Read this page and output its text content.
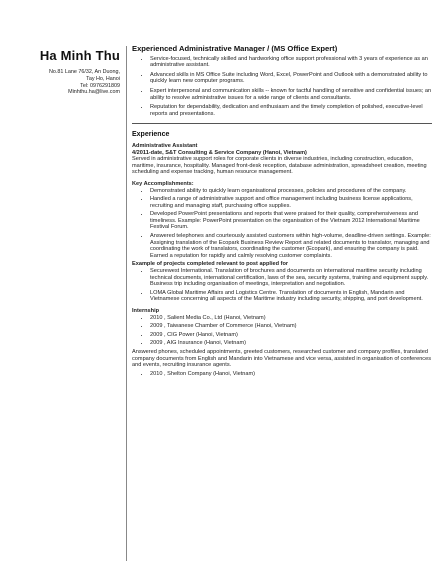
Ha Minh Thu
No.81 Lane 76/32, An Duong,
Tay Ho, Hanoi
Tel: 0976291809
Minhthu.ha@live.com
Experienced Administrative Manager / (MS Office Expert)
• Service-focused, technically skilled and hardworking office support professional with 3 years of experience as an administrative assistant.
• Advanced skills in MS Office Suite including Word, Excel, PowerPoint and Outlook with a demonstrated ability to quickly learn new computer programs.
• Expert interpersonal and communication skills -- known for tactful handling of sensitive and confidential issues; an ability to resolve administrative issues for a wide range of clients and consultants.
• Reputation for dependability, dedication and enthusiasm and the timely completion of polished, executive-level reports and presentations.
Experience
Administrative Assistant
4/2011-date, S&T Consulting & Service Company (Hanoi, Vietnam)
Served in administrative support roles for corporate clients in diverse industries, including construction, education, maritime, insurance, hospitality. Managed front-desk reception, database administration, spreadsheet creation, meeting scheduling and expense tracking, human resource management.
Key Accomplishments:
• Demonstrated ability to quickly learn organisational processes, policies and procedures of the company.
• Handled a range of administrative support and office management including business license applications, recruiting and managing staff, purchasing office supplies.
• Developed PowerPoint presentations and reports that were praised for their quality, comprehensiveness and timeliness. Example: PowerPoint presentation on the organisation of the Vietnam 2012 International Maritime Festival Forum.
• Answered telephones and courteously assisted customers within high-volume, deadline-driven settings. Example: Assigning translation of the Ecopark Business Review Report and related documents to translator, managing and coordinating the work of translators, coordinating the customer (Ecopark), and ensuring the company is paid. Earned a reputation for rapidly and calmly resolving customer complaints.
Example of projects completed relevant to post applied for
• Securewest International. Translation of brochures and documents on international maritime security including technical documents, international certification, laws of the sea, security systems, training and equipment supply. Business trip including organisation of meetings, interpretation and negotiation.
• LOMA Global Maritime Affairs and Logistics Centre. Translation of documents in English, Mandarin and Vietnamese concerning all aspects of the Maritime industry including security, shipping, and port development.
Internship
• 2010 , Salient Media Co., Ltd (Hanoi, Vietnam)
• 2009 , Taiwanese Chamber of Commerce (Hanoi, Vietnam)
• 2009 , CIG Power (Hanoi, Vietnam)
• 2009 , AIG Insurance (Hanoi, Vietnam)
Answered phones, scheduled appointments, greeted customers, researched customer and company profiles, translated company documents from English and Mandarin into Vietnamese and vice versa, assisted in organisation of conferences and events, recruiting insurance agents.
• 2010 , Shelton Company (Hanoi, Vietnam)
